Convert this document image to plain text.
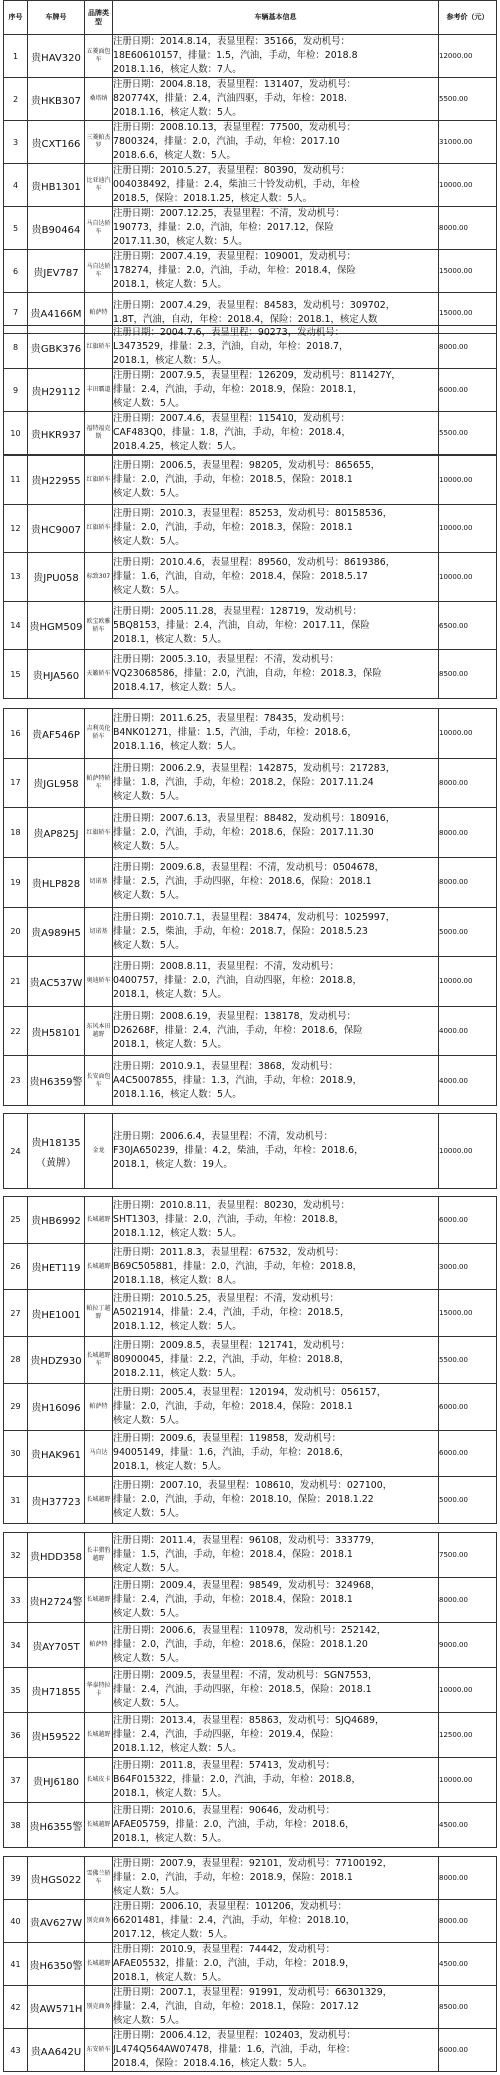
序号	车牌号	品牌类型	车辆基本信息	参考价（元）
1	贵HAV320	五菱面包车	注册日期：2014.8.14，表显里程：35166，发动机号：
18E60610157，排量：1.5，汽油，手动，年检：2018.8
2018.1.16，核定人数：7人。	12000.00
2	贵HKB307	桑塔纳	注册日期：2004.8.18，表显里程：131407，发动机号：
820774X，排量：2.4，汽油四驱，手动，年检：2018.
2018.1.16，核定人数：5人。	5500.00
3	贵CXT166	三菱帕杰罗	注册日期：2008.10.13，表显里程：77500，发动机号：
7800324，排量：2.0，汽油，手动，年检：2017.10
2018.6.6，核定人数：5人。	31000.00
4	贵HB1301	比亚迪汽车	注册日期：2010.5.27，表显里程：80390，发动机号：
004038492，排量：2.4，柴油三十铃发动机，手动，年检
2018.5，保险：2018.1.25，核定人数：5人。	10000.00
5	贵B90464	马自达轿车	注册日期：2007.12.25，表显里程：不清，发动机号：
190773，排量：2.0，汽油，年检：2017.12，保险
2017.11.30，核定人数：5人。	8000.00
6	贵JEV787	马自达轿车	注册日期：2007.4.19，表显里程：109001，发动机号：
178274，排量：2.0，汽油，手动，年检：2018.4，保险
2018.1，核定人数：5人。	15000.00
7	贵A4166M	帕萨特	注册日期：2007.4.29，表显里程：84583，发动机号：309702，
1.8T，汽油，自动，年检：2018.4，保险：2018.1，核定人数	15000.00
8	贵GBK376	红旗轿车	注册日期：2004.7.6，表显里程：90273，发动机号：
L3473529，排量：2.3，汽油，自动，年检：2018.7，
2018.1，核定人数：5人。	8000.00
9	贵H29112	丰田霸道	注册日期：2007.9.5，表显里程：126209，发动机号：811427Y，
排量：2.4，汽油，手动，年检：2018.9，保险：2018.1，
核定人数：5人。	6000.00
10	贵HKR937	福特福克斯	注册日期：2007.4.6，表显里程：115410，发动机号：
CAF483Q0，排量：1.8，汽油，手动，年检：2018.4，
2018.4.25，核定人数：5人。	5500.00
11	贵H22955	红旗轿车	注册日期：2006.5，表显里程：98205，发动机号：865655，
排量：2.0，汽油，手动，年检：2018.5，保险：2018.1
核定人数：5人。	10000.00
12	贵HC9007	红旗轿车	注册日期：2010.3，表显里程：85253，发动机号：80158536，
排量：2.0，汽油，手动，年检：2018.3，保险：2018.1
核定人数：5人。	10000.00
13	贵JPU058	标致307	注册日期：2010.4.6，表显里程：89560，发动机号：8619386，
排量：1.6，汽油，自动，年检：2018.4，保险：2018.5.17
核定人数：5人。	10000.00
14	贵HGM509	欧宝欧雅轿车	注册日期：2005.11.28，表显里程：128719，发动机号：
5BQ8153，排量：2.4，汽油，自动，年检：2017.11，保险
2018.1，核定人数：5人。	6500.00
15	贵HJA560	天籁轿车	注册日期：2005.3.10，表显里程：不清，发动机号：
VQ23068586，排量：2.0，汽油，自动，年检：2018.3，保险
2018.4.17，核定人数：5人。	8500.00
16	贵AF546P	吉利英伦轿车	注册日期：2011.6.25，表显里程：78435，发动机号：
B4NK01271，排量：1.5，汽油，手动，年检：2018.6，
2018.1.16，核定人数：5人。	10000.00
17	贵JGL958	帕萨特轿车	注册日期：2006.2.9，表显里程：142875，发动机号：217283，
排量：1.8，汽油，手动，年检：2018.2，保险：2017.11.24
核定人数：5人。	8000.00
18	贵AP825J	红旗轿车	注册日期：2007.6.13，表显里程：88482，发动机号：180916，
排量：2.0，汽油，手动，年检：2018.6，保险：2017.11.30
核定人数：5人。	8000.00
19	贵HLP828	切诺基	注册日期：2009.6.8，表显里程：不清，发动机号：0504678，
排量：2.5，汽油，手动四驱，年检：2018.6，保险：2018.1
核定人数：5人。	8000.00
20	贵A989H5	切诺基	注册日期：2010.7.1，表显里程：38474，发动机号：1025997，
排量：2.5，柴油，手动，年检：2018.7，保险：2018.5.23
核定人数：5人。	5000.00
21	贵AC537W	奥迪轿车	注册日期：2008.8.11，表显里程：不清，发动机号：
0400757，排量：2.0，汽油，自动四驱，年检：2018.8，
2018.1，核定人数：5人。	10000.00
22	贵H58101	东风本田越野	注册日期：2008.6.19，表显里程：138178，发动机号：
D26268F，排量：2.4，汽油，手动，年检：2018.6，保险
2018.1，核定人数：5人。	4000.00
23	贵H6359警	长安面包车	注册日期：2010.9.1，表显里程：3868，发动机号：
A4C5007855，排量：1.3，汽油，手动，年检：2018.9，
2018.1.16，核定人数：5人。	4000.00
24	贵H18135
（黄牌）
	金龙	
注册日期：2006.6.4，表显里程：不清，发动机号：
F30JA650239，排量：4.2，柴油，手动，年检：2018.6，
2018.1，核定人数：19人。
	10000.00
25	贵HB6992	长城越野	注册日期：2010.8.11，表显里程：80230，发动机号：
SHT1303，排量：2.0，汽油，手动，年检：2018.8，
2018.1.12，核定人数：5人。	6000.00
26	贵HET119	长城越野	注册日期：2011.8.3，表显里程：67532，发动机号：
B69C505881，排量：2.0，汽油，手动，年检：2018.8，
2018.1.18，核定人数：8人。	3000.00
27	贵HE1001	帕拉丁越野	注册日期：2010.5.25，表显里程：不清，发动机号：
A5021914，排量：2.4，汽油，手动，年检：2018.5，
2018.1.12，核定人数：5人。	15000.00
28	贵HDZ930	长城越野车	注册日期：2009.8.5，表显里程：121741，发动机号：
80900045，排量：2.2，汽油，手动，年检：2018.8，
2018.2.11，核定人数：5人。	5500.00
29	贵H16096	帕萨特	注册日期：2005.4，表显里程：120194，发动机号：056157，
排量：2.0，汽油，手动，年检：2018.4，保险：2018.1
核定人数：5人。	6000.00
30	贵HAK961	马自达	注册日期：2009.6，表显里程：119858，发动机号：
94005149，排量：1.6，汽油，手动，年检：2018.6，
2018.1，核定人数：5人。	6000.00
31	贵H37723	长城越野	注册日期：2007.10，表显里程：108610，发动机号：027100，
排量：2.0，汽油，手动，年检：2018.10，保险：2018.1.22
核定人数：5人。	5000.00
32	贵HDD358	长丰猎豹越野	注册日期：2011.4，表显里程：96108，发动机号：333779，
排量：1.5，汽油，手动，年检：2018.4，保险：2018.1
核定人数：5人。	7500.00
33	贵H2724警	长城越野	注册日期：2009.4，表显里程：98549，发动机号：324968，
排量：2.4，汽油，手动，年检：2018.4，保险：2018.1
核定人数：5人。	8000.00
34	贵AY705T	帕萨特	注册日期：2006.6，表显里程：110978，发动机号：252142，
排量：2.0，汽油，手动，年检：2018.6，保险：2018.1.20
核定人数：5人。	9000.00
35	贵H71855	华泰特拉卡	注册日期：2009.5，表显里程：不清，发动机号：SGN7553，
排量：2.4，汽油，手动四驱，年检：2018.5，保险：2018.1
核定人数：5人。	10000.00
36	贵H59522	长城越野	注册日期：2013.4，表显里程：85863，发动机号：SJQ4689，
排量：2.4，汽油，手动四驱，年检：2019.4，保险：
2018.1.12，核定人数：5人。	12500.00
37	贵HJ6180	长城皮卡	注册日期：2011.8，表显里程：57413，发动机号：
B64F015322，排量：2.0，汽油，手动，年检：2018.8，
2018.1，核定人数：5人。	10000.00
38	贵H6355警	长城越野	注册日期：2010.6，表显里程：90646，发动机号：
AFAE05759，排量：2.0，汽油，手动，年检：2018.6，
2018.1，核定人数：5人。	4500.00
39	贵HGS022	雪佛兰轿车	注册日期：2007.9，表显里程：92101，发动机号：77100192，
排量：2.0，汽油，手动，年检：2018.9，保险：2018.1
核定人数：5人。	8000.00
40	贵AV627W	别克商务	注册日期：2006.10，表显里程：101206，发动机号：
66201481，排量：2.4，汽油，手动，年检：2018.10，
2017.12，核定人数：5人。	8000.00
41	贵H6350警	长城越野	注册日期：2010.9，表显里程：74442，发动机号：
AFAE05532，排量：2.0，汽油，手动，年检：2018.9，
2018.1，核定人数：5人。	4500.00
42	贵AW571H	别克商务	注册日期：2007.1，表显里程：91991，发动机号：66301329，
排量：2.4，汽油，自动，年检：2018.1，保险：2017.12
核定人数：5人。	8500.00
43	贵AA642U	东安轿车	注册日期：2006.4.12，表显里程：102403，发动机号：
JL474Q564AW07478，排量：1.6，汽油，手动，年检：
2018.4，保险：2018.4.16，核定人数：5人。	6000.00
